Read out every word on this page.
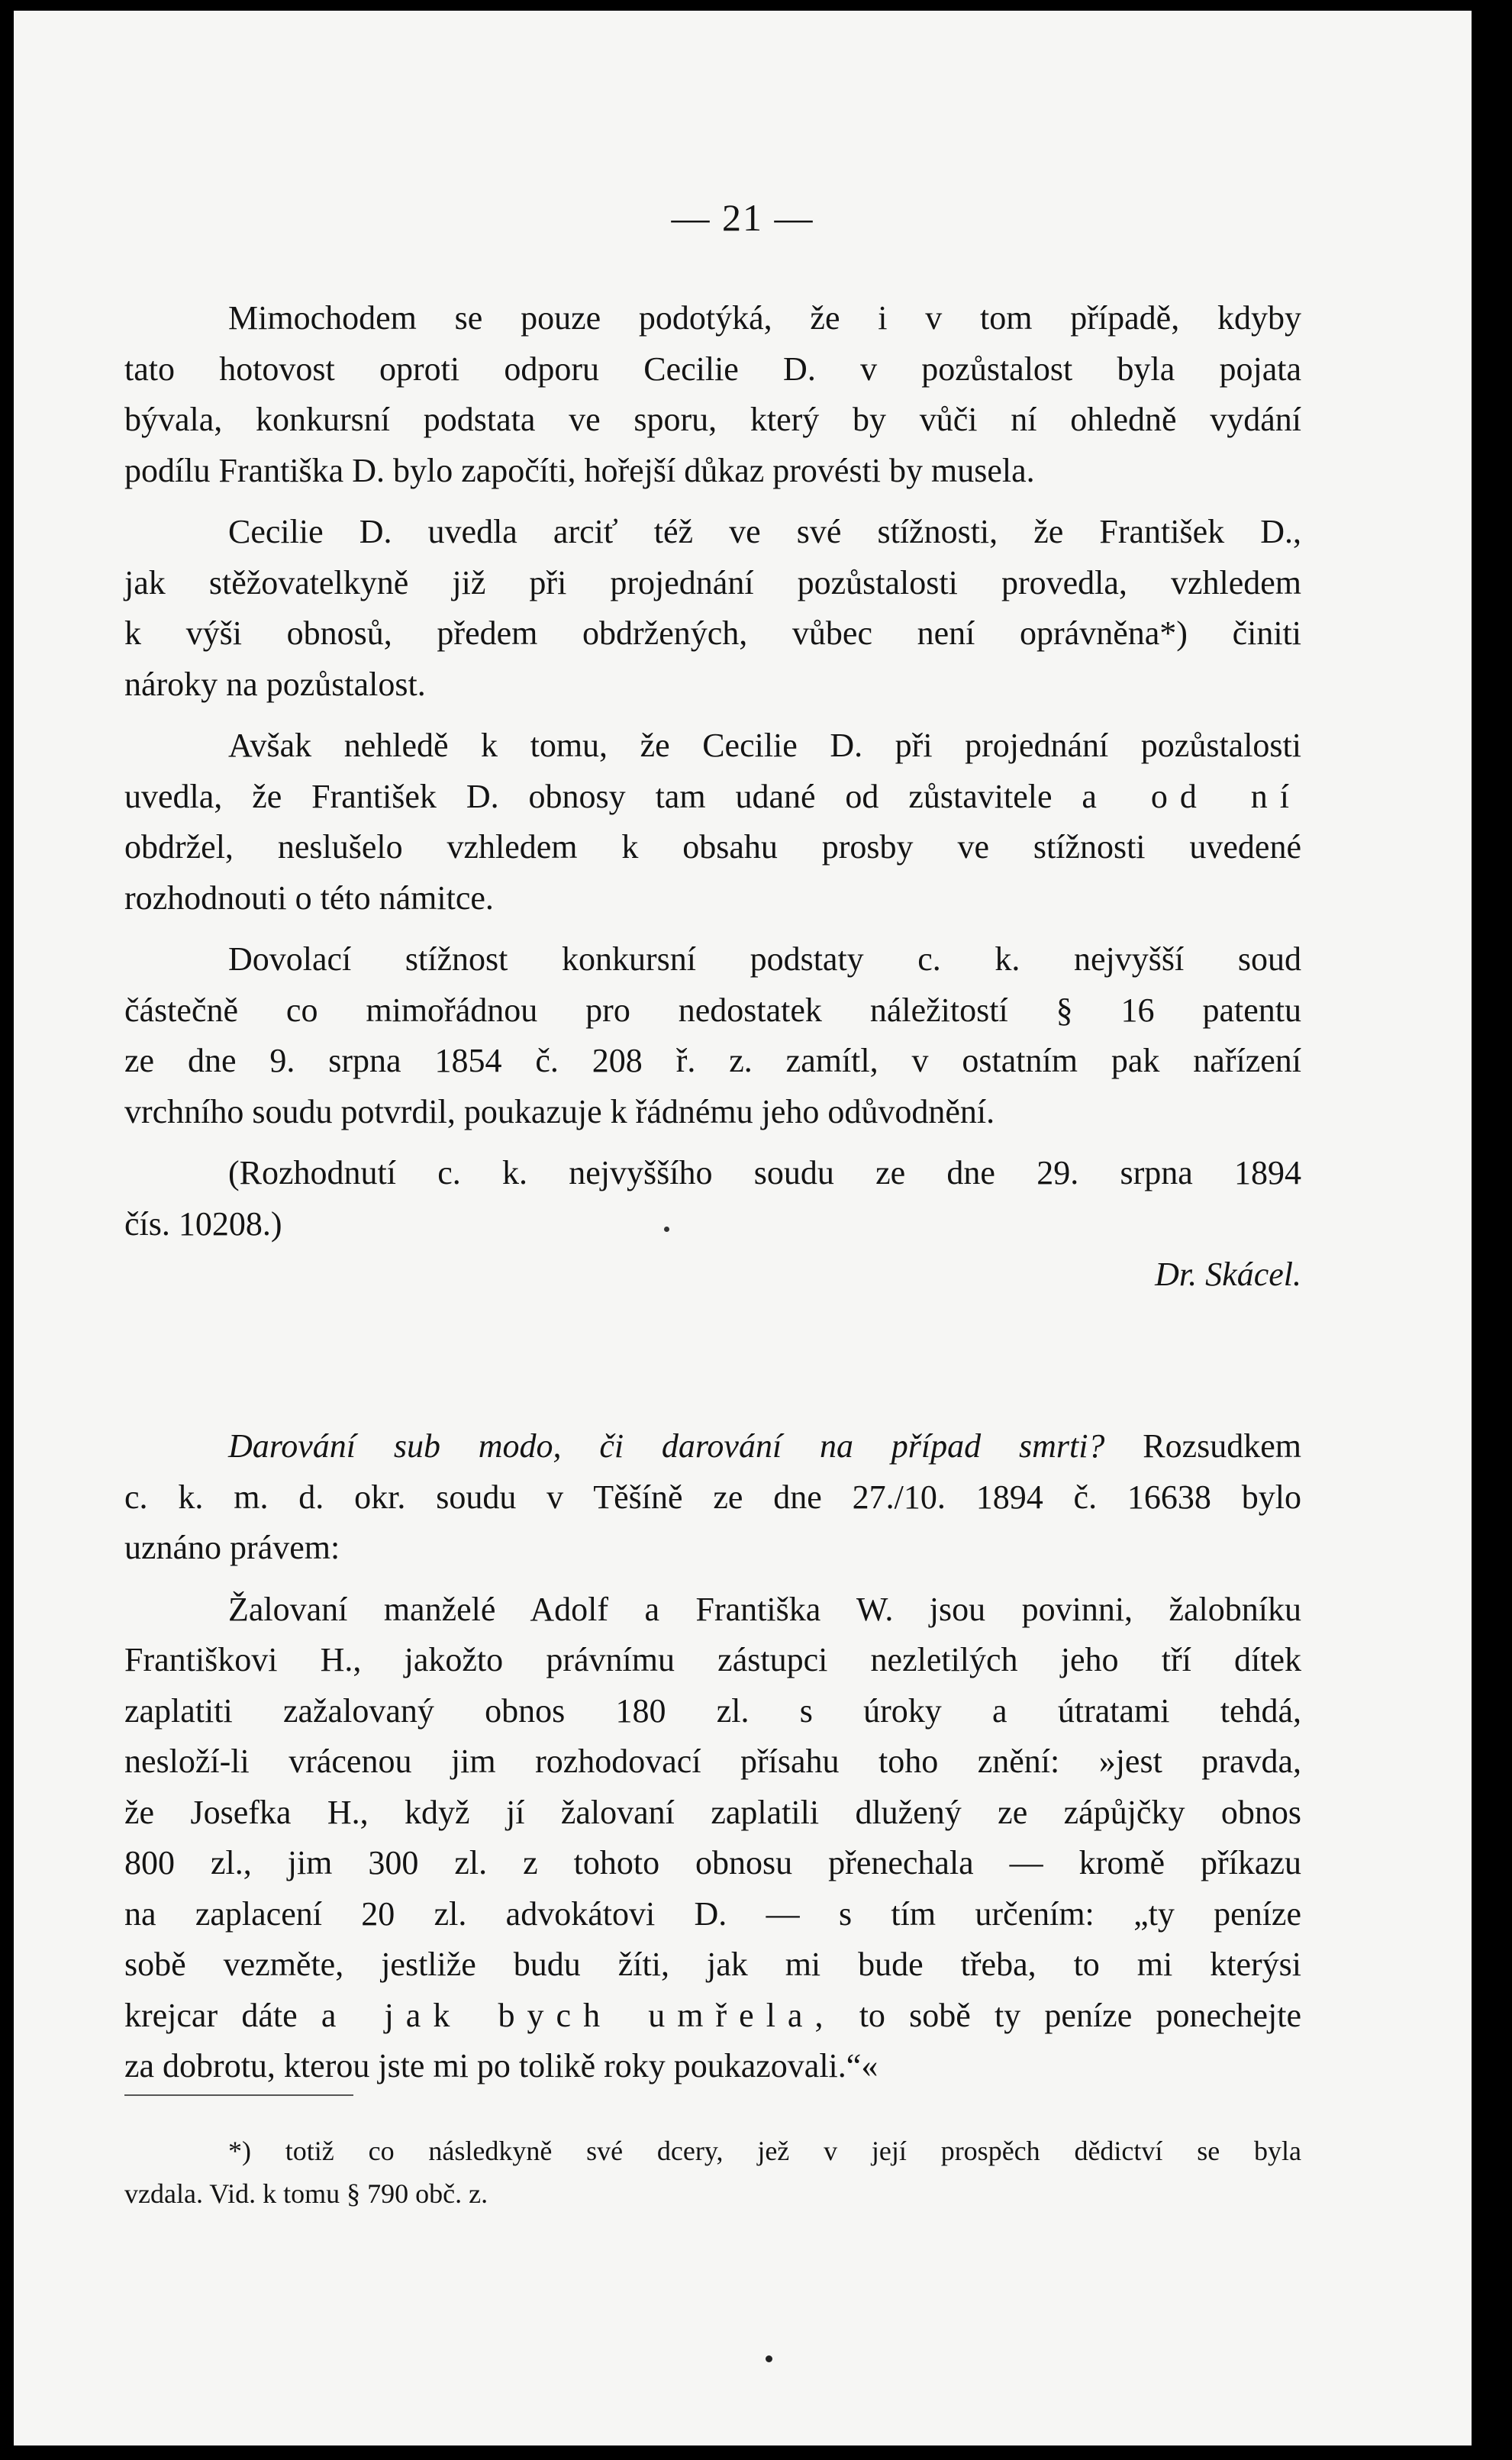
— 21 —
Mimochodem se pouze podotýká, že i v tom případě, kdyby
tato hotovost oproti odporu Cecilie D. v pozůstalost byla pojata
bývala, konkursní podstata ve sporu, který by vůči ní ohledně vydání
podílu Františka D. bylo započíti, hořejší důkaz provésti by musela.
Cecilie D. uvedla arciť též ve své stížnosti, že František D.,
jak stěžovatelkyně již při projednání pozůstalosti provedla, vzhledem
k výši obnosů, předem obdržených, vůbec není oprávněna*) činiti
nároky na pozůstalost.
Avšak nehledě k tomu, že Cecilie D. při projednání pozůstalosti
uvedla, že František D. obnosy tam udané od zůstavitele a od ní
obdržel, neslušelo vzhledem k obsahu prosby ve stížnosti uvedené
rozhodnouti o této námitce.
Dovolací stížnost konkursní podstaty c. k. nejvyšší soud
částečně co mimořádnou pro nedostatek náležitostí § 16 patentu
ze dne 9. srpna 1854 č. 208 ř. z. zamítl, v ostatním pak nařízení
vrchního soudu potvrdil, poukazuje k řádnému jeho odůvodnění.
(Rozhodnutí c. k. nejvyššího soudu ze dne 29. srpna 1894
čís. 10208.)
Dr. Skácel.
Darování sub modo, či darování na případ smrti? Rozsudkem
c. k. m. d. okr. soudu v Těšíně ze dne 27./10. 1894 č. 16638 bylo
uznáno právem:
Žalovaní manželé Adolf a Františka W. jsou povinni, žalobníku
Františkovi H., jakožto právnímu zástupci nezletilých jeho tří dítek
zaplatiti zažalovaný obnos 180 zl. s úroky a útratami tehdá,
nesloží-li vrácenou jim rozhodovací přísahu toho znění: »jest pravda,
že Josefka H., když jí žalovaní zaplatili dlužený ze zápůjčky obnos
800 zl., jim 300 zl. z tohoto obnosu přenechala — kromě příkazu
na zaplacení 20 zl. advokátovi D. — s tím určením: „ty peníze
sobě vezměte, jestliže budu žíti, jak mi bude třeba, to mi kterýsi
krejcar dáte a jak bych umřela, to sobě ty peníze ponechejte
za dobrotu, kterou jste mi po tolikě roky poukazovali.“«
*) totiž co následkyně své dcery, jež v její prospěch dědictví se byla
vzdala. Vid. k tomu § 790 obč. z.
